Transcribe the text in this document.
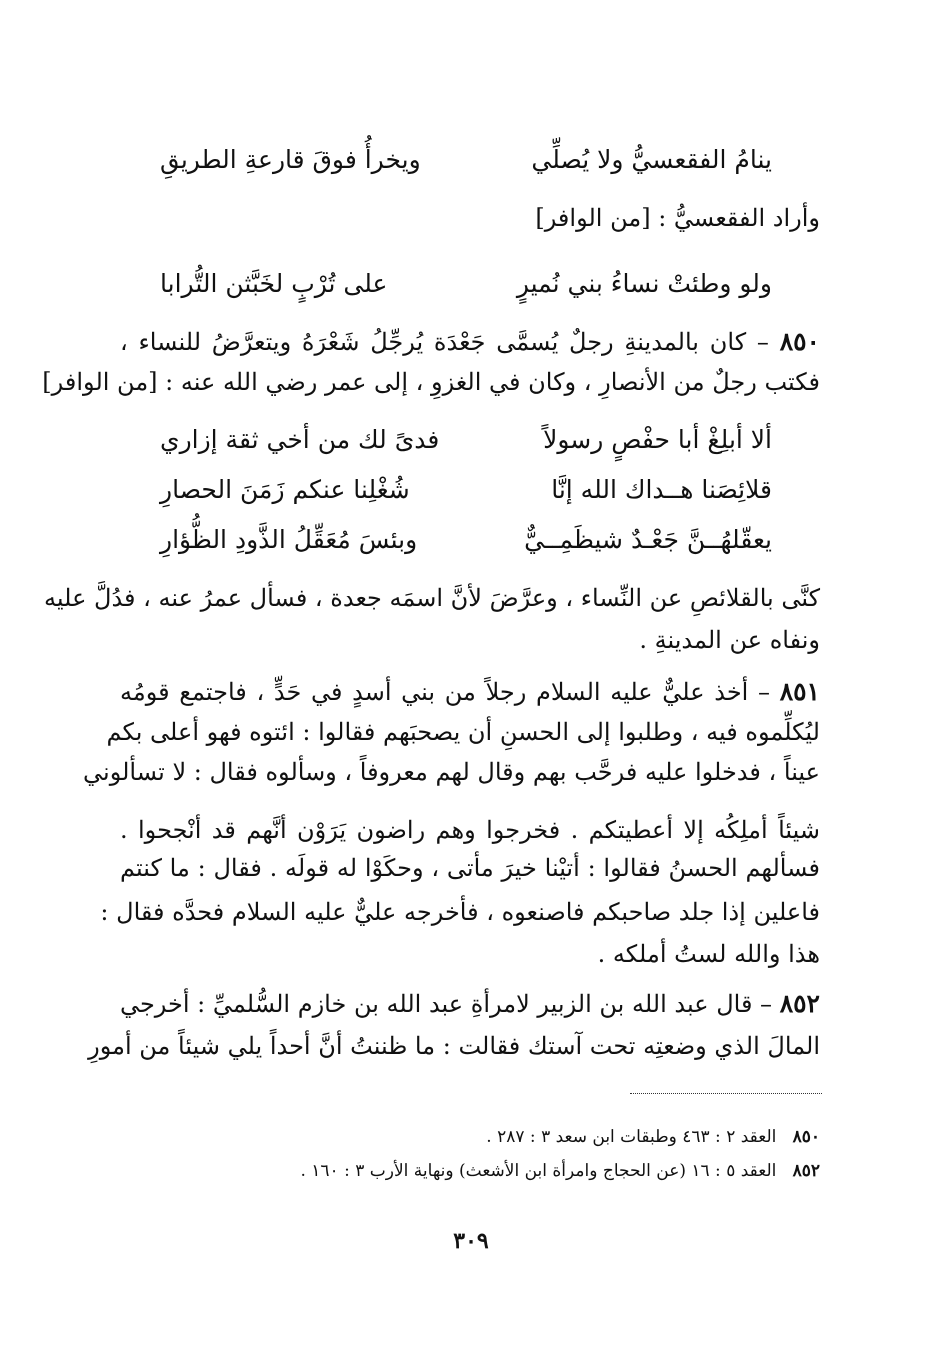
ينامُ الفقعسيُّ ولا يُصلِّي
ويخرأُ فوقَ قارعةِ الطريقِ
وأراد الفقعسيُّ : [من الوافر]
ولو وطئتْ نساءُ بني نُميرٍ
على تُرْبٍ لخَبَّثن التُّرابا
٨٥٠ – كان بالمدينةِ رجلٌ يُسمَّى جَعْدَة يُرجِّلُ شَعْرَهُ ويتعرَّضُ للنساء ،
فكتب رجلٌ من الأنصارِ ، وكان في الغزوِ ، إلى عمر رضي الله عنه : [من الوافر]
ألا أبلِغْ أبا حفْصٍ رسولاً
فدىً لك من أخي ثقة إزاري
قلائِصَنا هــداك الله إنَّا
شُغْلِنا عنكم زَمَنَ الحصارِ
يعقّلهُــنَّ جَعْـدٌ شيظَمِــيٌّ
وبئسَ مُعَقِّلُ الذَّودِ الظُّؤارِ
كنَّى بالقلائصِ عن النِّساء ، وعرَّضَ لأنَّ اسمَه جعدة ، فسأل عمرُ عنه ، فدُلَّ عليه
ونفاه عن المدينةِ .
٨٥١ – أخذ عليٌّ عليه السلام رجلاً من بني أسدٍ في حَدٍّ ، فاجتمع قومُه
ليُكلِّموه فيه ، وطلبوا إلى الحسنِ أن يصحبَهم فقالوا : ائتوه فهو أعلى بكم
عيناً ، فدخلوا عليه فرحَّب بهم وقال لهم معروفاً ، وسألوه فقال : لا تسألوني
شيئاً أملِكُه إلا أعطيتكم . فخرجوا وهم راضون يَرَوْن أنَّهم قد أنْجحوا .
فسألهم الحسنُ فقالوا : أتيْنا خيرَ مأتى ، وحكَوْا له قولَه . فقال : ما كنتم
فاعلين إذا جلد صاحبكم فاصنعوه ، فأخرجه عليٌّ عليه السلام فحدَّه فقال :
هذا والله لستُ أملكه .
٨٥٢ – قال عبد الله بن الزبير لامرأةِ عبد الله بن خازم السُّلميِّ : أخرجي
المالَ الذي وضعتِه تحت آستك فقالت : ما ظننتُ أنَّ أحداً يلي شيئاً من أمورِ
٨٥٠   العقد ٢ : ٤٦٣ وطبقات ابن سعد ٣ : ٢٨٧ .
٨٥٢   العقد ٥ : ١٦ (عن الحجاج وامرأة ابن الأشعث) ونهاية الأرب ٣ : ١٦٠ .
٣٠٩
